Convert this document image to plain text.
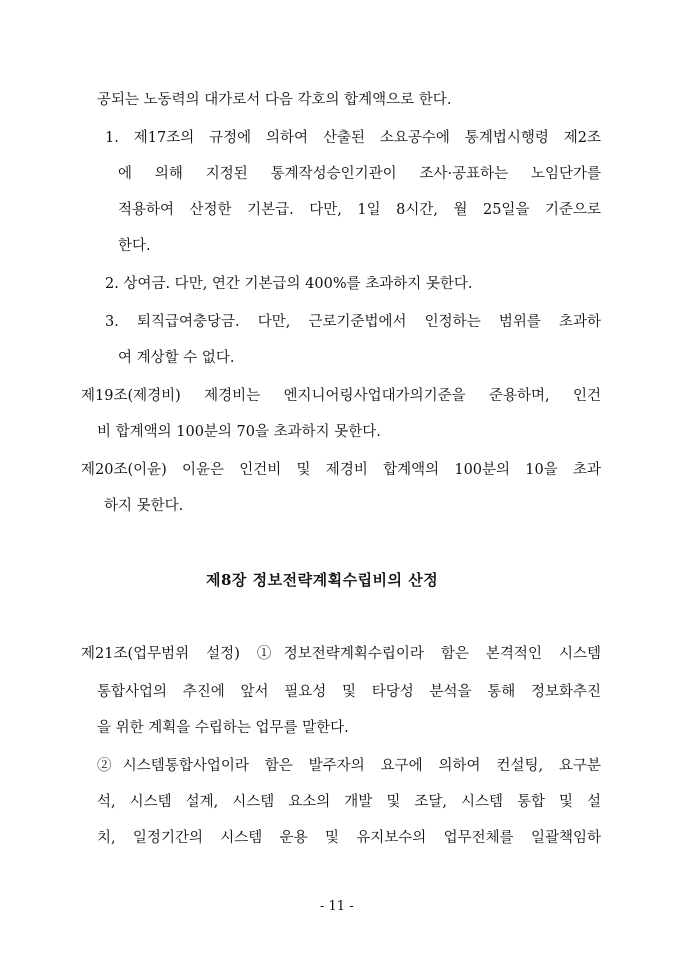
공되는 노동력의 대가로서 다음 각호의 합계액으로 한다.
1. 제17조의 규정에 의하여 산출된 소요공수에 통계법시행령 제2조
에 의해 지정된 통계작성승인기관이 조사·공표하는 노임단가를
적용하여 산정한 기본급. 다만, 1일 8시간, 월 25일을 기준으로
한다.
2. 상여금. 다만, 연간 기본급의 400%를 초과하지 못한다.
3. 퇴직급여충당금. 다만, 근로기준법에서 인정하는 범위를 초과하
여 계상할 수 없다.
제19조(제경비) 제경비는 엔지니어링사업대가의기준을 준용하며, 인건
비 합계액의 100분의 70을 초과하지 못한다.
제20조(이윤) 이윤은 인건비 및 제경비 합계액의 100분의 10을 초과
하지 못한다.
제8장 정보전략계획수립비의 산정
제21조(업무범위 설정) ①정보전략계획수립이라 함은 본격적인 시스템
통합사업의 추진에 앞서 필요성 및 타당성 분석을 통해 정보화추진
을 위한 계획을 수립하는 업무를 말한다.
②시스템통합사업이라 함은 발주자의 요구에 의하여 컨설팅, 요구분
석, 시스템 설계, 시스템 요소의 개발 및 조달, 시스템 통합 및 설
치, 일정기간의 시스템 운용 및 유지보수의 업무전체를 일괄책임하
- 11 -
